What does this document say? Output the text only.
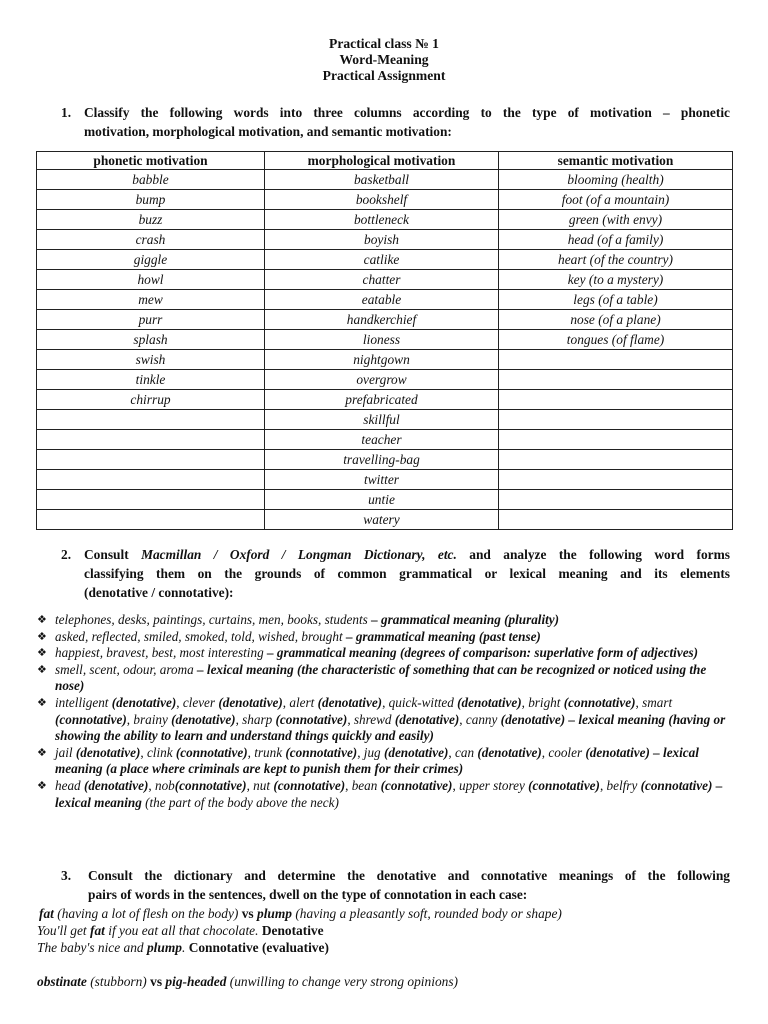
Practical class № 1
Word-Meaning
Practical Assignment
1. Classify the following words into three columns according to the type of motivation – phonetic
motivation, morphological motivation, and semantic motivation:
phonetic motivation	morphological motivation	semantic motivation
babble	basketball	blooming (health)
bump	bookshelf	foot (of a mountain)
buzz	bottleneck	green (with envy)
crash	boyish	head (of a family)
giggle	catlike	heart (of the country)
howl	chatter	key (to a mystery)
mew	eatable	legs (of a table)
purr	handkerchief	nose (of a plane)
splash	lioness	tongues (of flame)
swish	nightgown	
tinkle	overgrow	
chirrup	prefabricated	
	skillful	
	teacher	
	travelling-bag	
	twitter	
	untie	
	watery	
2. Consult Macmillan / Oxford / Longman Dictionary, etc. and analyze the following word forms
classifying them on the grounds of common grammatical or lexical meaning and its elements
(denotative / connotative):
❖ telephones, desks, paintings, curtains, men, books, students – grammatical meaning (plurality)
❖ asked, reflected, smiled, smoked, told, wished, brought – grammatical meaning (past tense)
❖ happiest, bravest, best, most interesting – grammatical meaning (degrees of comparison: superlative form of adjectives)
❖ smell, scent, odour, aroma – lexical meaning (the characteristic of something that can be recognized or noticed using the nose)
❖ intelligent (denotative), clever (denotative), alert (denotative), quick-witted (denotative), bright (connotative), smart (connotative), brainy (denotative), sharp (connotative), shrewd (denotative), canny (denotative) – lexical meaning (having or showing the ability to learn and understand things quickly and easily)
❖ jail (denotative), clink (connotative), trunk (connotative), jug (denotative), can (denotative), cooler (denotative) – lexical meaning (a place where criminals are kept to punish them for their crimes)
❖ head (denotative), nob(connotative), nut (connotative), bean (connotative), upper storey (connotative), belfry (connotative) – lexical meaning (the part of the body above the neck)
3. Consult the dictionary and determine the denotative and connotative meanings of the following
pairs of words in the sentences, dwell on the type of connotation in each case:
fat (having a lot of flesh on the body) vs plump (having a pleasantly soft, rounded body or shape)
You'll get fat if you eat all that chocolate. Denotative
The baby's nice and plump. Connotative (evaluative)
obstinate (stubborn) vs pig-headed (unwilling to change very strong opinions)
